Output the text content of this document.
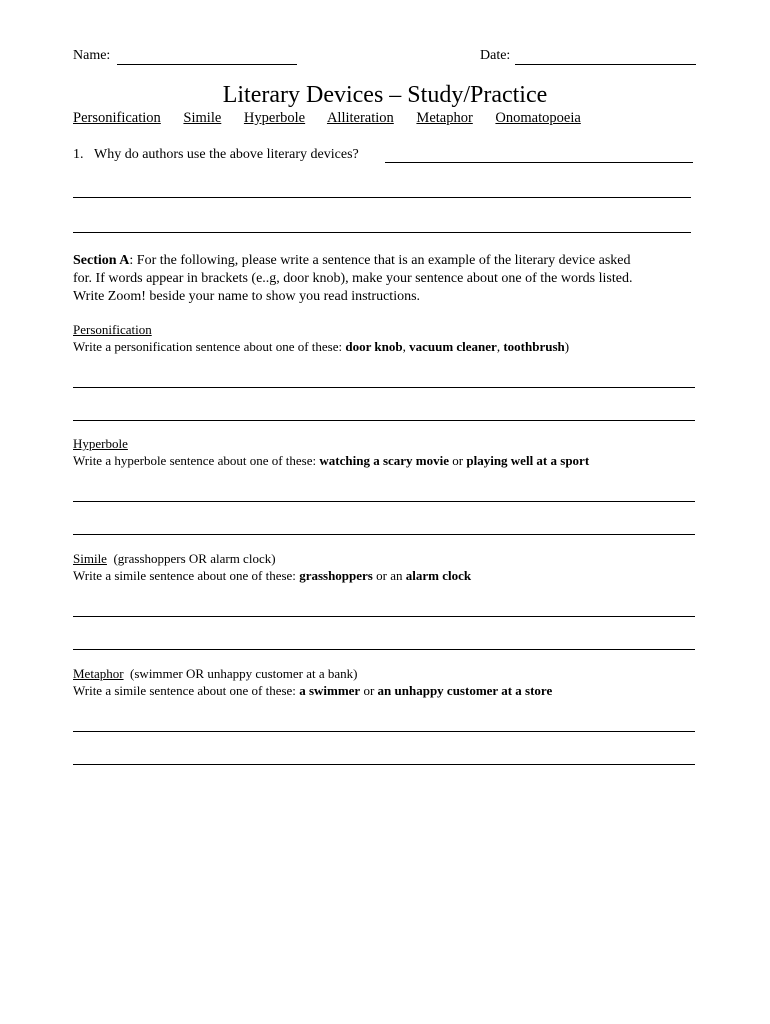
Name:	Date:
Literary Devices – Study/Practice
Personification Simile Hyperbole Alliteration Metaphor Onomatopoeia
1. Why do authors use the above literary devices?
Section A: For the following, please write a sentence that is an example of the literary device asked
for. If words appear in brackets (e..g, door knob), make your sentence about one of the words listed.
Write Zoom! beside your name to show you read instructions.
Personification
Write a personification sentence about one of these: door knob, vacuum cleaner, toothbrush)
Hyperbole
Write a hyperbole sentence about one of these: watching a scary movie or playing well at a sport
Simile  (grasshoppers OR alarm clock)
Write a simile sentence about one of these: grasshoppers or an alarm clock
Metaphor  (swimmer OR unhappy customer at a bank)
Write a simile sentence about one of these: a swimmer or an unhappy customer at a store
